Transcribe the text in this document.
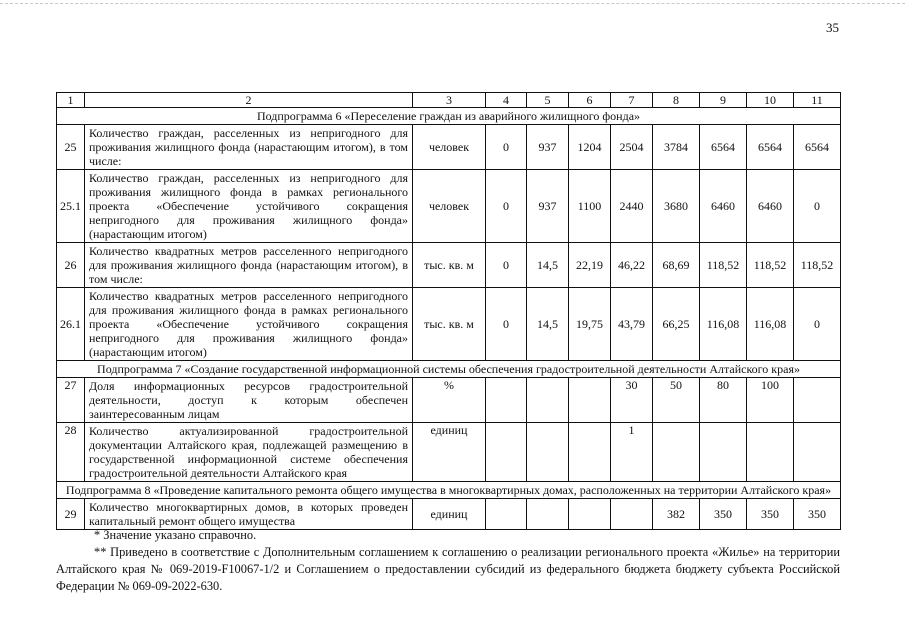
35
1	2	3	4	5	6	7	8	9	10	11
Подпрограмма 6 «Переселение граждан из аварийного жилищного фонда»										
25	Количество граждан, расселенных из непригодного для проживания жилищного фонда (нарастающим итогом), в том числе:	человек	0	937	1204	2504	3784	6564	6564	6564
25.1	Количество граждан, расселенных из непригодного для проживания жилищного фонда в рамках регионального проекта «Обеспечение устойчивого сокращения непригодного для проживания жилищного фонда» (нарастающим итогом)	человек	0	937	1100	2440	3680	6460	6460	0
26	Количество квадратных метров расселенного непригодного для проживания жилищного фонда (нарастающим итогом), в том числе:	тыс. кв. м	0	14,5	22,19	46,22	68,69	118,52	118,52	118,52
26.1	Количество квадратных метров расселенного непригодного для проживания жилищного фонда в рамках регионального проекта «Обеспечение устойчивого сокращения непригодного для проживания жилищного фонда» (нарастающим итогом)	тыс. кв. м	0	14,5	19,75	43,79	66,25	116,08	116,08	0
Подпрограмма 7 «Создание государственной информационной системы обеспечения градостроительной деятельности Алтайского края»										
27	Доля информационных ресурсов градостроительной деятельности, доступ к которым обеспечен заинтересованным лицам	%				30	50	80	100	
28	Количество актуализированной градостроительной документации Алтайского края, подлежащей размещению в государственной информационной системе обеспечения градостроительной деятельности Алтайского края	единиц				1				
Подпрограмма 8 «Проведение капитального ремонта общего имущества в многоквартирных домах, расположенных на территории Алтайского края»										
29	Количество многоквартирных домов, в которых проведен капитальный ремонт общего имущества	единиц					382	350	350	350

* Значение указано справочно.

** Приведено в соответствие с Дополнительным соглашением к соглашению о реализации регионального проекта «Жилье» на территории Алтайского края № 069-2019-F10067-1/2 и Соглашением о предоставлении субсидий из федерального бюджета бюджету субъекта Российской Федерации № 069-09-2022-630.
